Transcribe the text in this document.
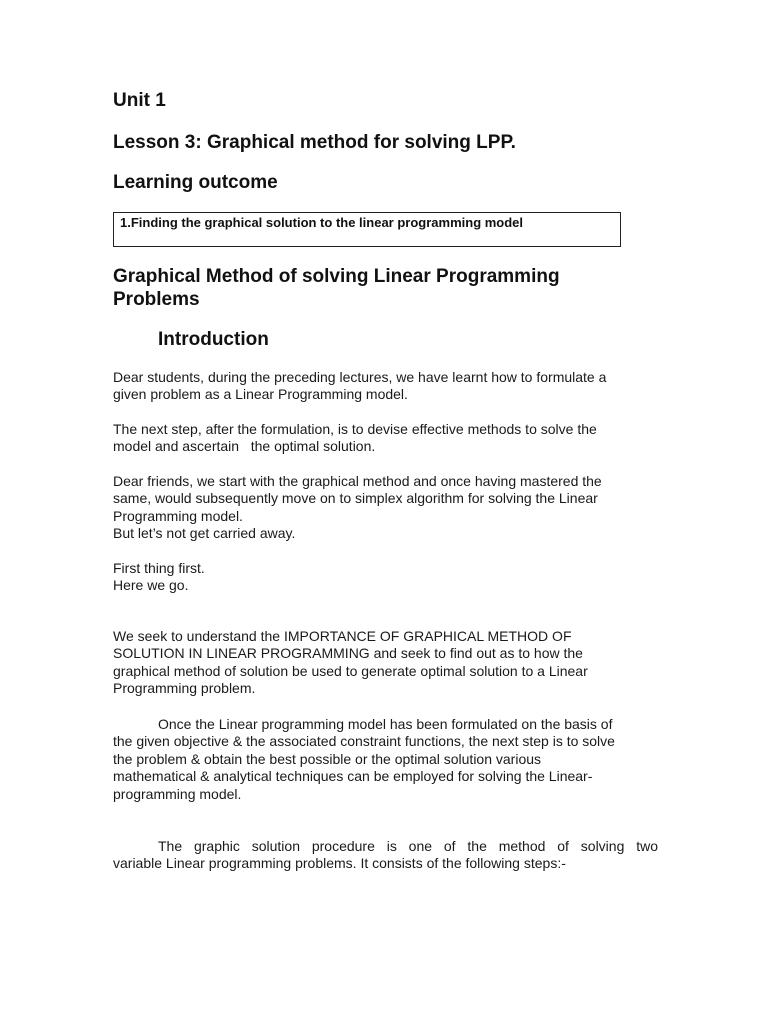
Unit 1
Lesson 3: Graphical method for solving LPP.
Learning outcome
1.Finding the graphical solution to the linear programming model
Graphical Method of solving Linear Programming
Problems
Introduction
Dear students, during the preceding lectures, we have learnt how to formulate a
given problem as a Linear Programming model.
The next step, after the formulation, is to devise effective methods to solve the
model and ascertain   the optimal solution.
Dear friends, we start with the graphical method and once having mastered the
same, would subsequently move on to simplex algorithm for solving the Linear
Programming model.
But let’s not get carried away.
First thing first.
Here we go.
We seek to understand the IMPORTANCE OF GRAPHICAL METHOD OF
SOLUTION IN LINEAR PROGRAMMING and seek to find out as to how the
graphical method of solution be used to generate optimal solution to a Linear
Programming problem.
Once the Linear programming model has been formulated on the basis of
the given objective & the associated constraint functions, the next step is to solve
the problem & obtain the best possible or the optimal solution various
mathematical & analytical techniques can be employed for solving the Linear-
programming model.
The graphic solution procedure is one of the method of solving two
variable Linear programming problems. It consists of the following steps:-
